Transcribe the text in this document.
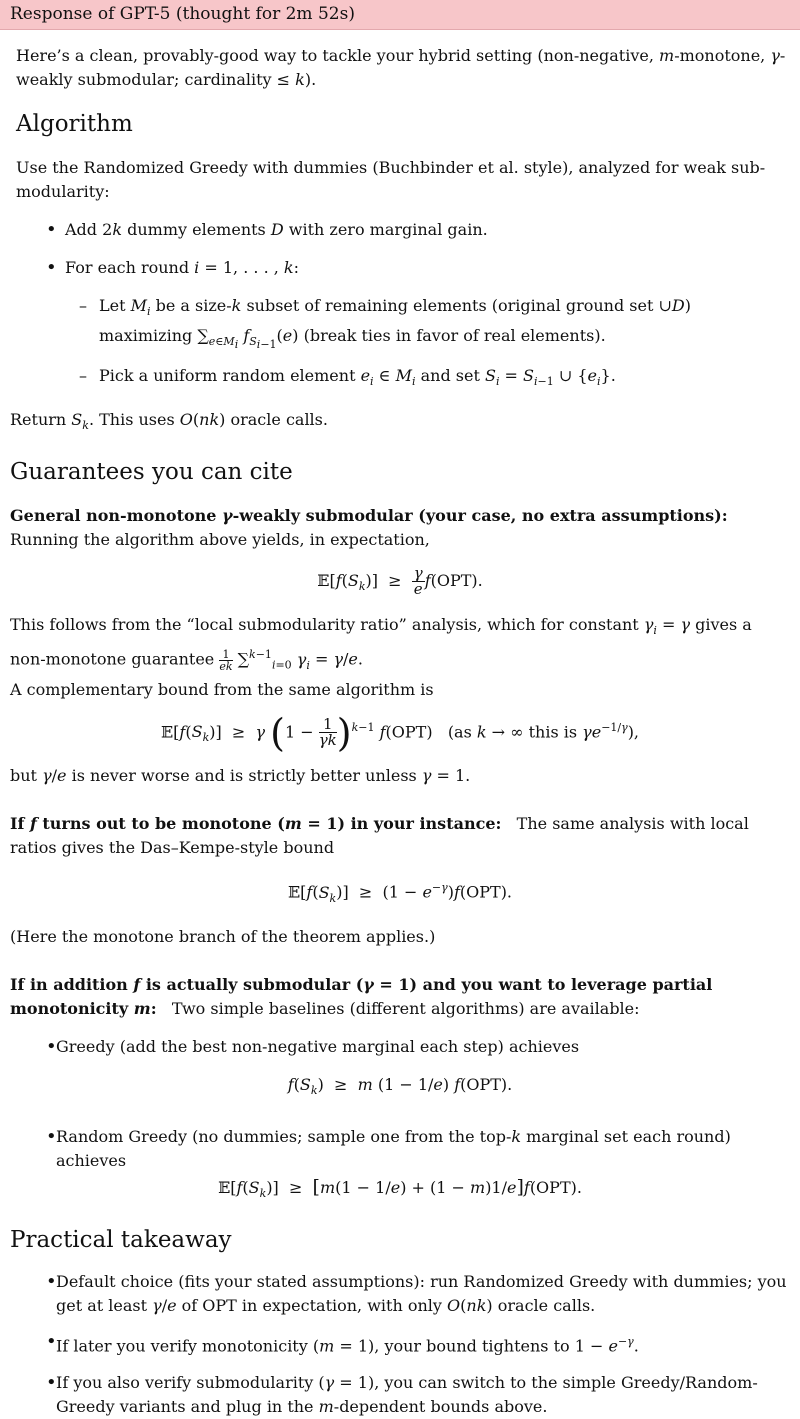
Response of GPT-5 (thought for 2m 52s)

Here’s a clean, provably-good way to tackle your hybrid setting (non-negative, m-monotone, γ-weakly submodular; cardinality ≤ k).

Algorithm

Use the Randomized Greedy with dummies (Buchbinder et al. style), analyzed for weak sub-
modularity:

• Add 2k dummy elements D with zero marginal gain.
• For each round i = 1, . . . , k:
– Let $M_i$ be a size-k subset of remaining elements (original ground set ∪D) maximizing $\sum_{e\in M_i}$ $f_{S_{i-1}}(e)$ (break ties in favor of real elements).
– Pick a uniform random element $e_i$ ∈ $M_i$ and set $S_i = S_{i-1}$ ∪ $\{e_i\}$.

Return $S_k$. This uses O(nk) oracle calls.

Guarantees you can cite

General non-monotone γ-weakly submodular (your case, no extra assumptions):
Running the algorithm above yields, in expectation,

$𝔼[f(S_k)] \ge \frac{\gamma}{e} f(OPT)$.

This follows from the “local submodularity ratio” analysis, which for constant $\gamma_i = \gamma$ gives a non-monotone guarantee $\frac{1}{ek} \sum^{k-1}_{i=0}$ $\gamma_i = \gamma/e$.
A complementary bound from the same algorithm is

$𝔼[f(S_k)] \ge \gamma$ $(1 - \frac{1}{\gamma k} )^{k-1}$ f(OPT)   (as k → ∞ this is $\gamma e^{-1/\gamma}$),

but γ/e is never worse and is strictly better unless γ = 1.

If f turns out to be monotone (m = 1) in your instance:   The same analysis with local ratios gives the Das–Kempe-style bound

$𝔼[f(S_k)] \ge (1 - e^{-\gamma})f(OPT)$.

(Here the monotone branch of the theorem applies.)

If in addition f is actually submodular (γ = 1) and you want to leverage partial monotonicity m:   Two simple baselines (different algorithms) are available:

• Greedy (add the best non-negative marginal each step) achieves

$f(S_k) \ge m$ (1 − 1/e) f(OPT).

• Random Greedy (no dummies; sample one from the top-k marginal set each round) achieves

$𝔼[f(S_k)] \ge [m(1 - 1/e) + (1 - m)1/e]f(OPT)$.

Practical takeaway
• Default choice (fits your stated assumptions): run Randomized Greedy with dummies; you get at least γ/e of OPT in expectation, with only O(nk) oracle calls.
• If later you verify monotonicity (m = 1), your bound tightens to $1 - e^{-\gamma}$.
• If you also verify submodularity (γ = 1), you can switch to the simple Greedy/Random-Greedy variants and plug in the m-dependent bounds above.
